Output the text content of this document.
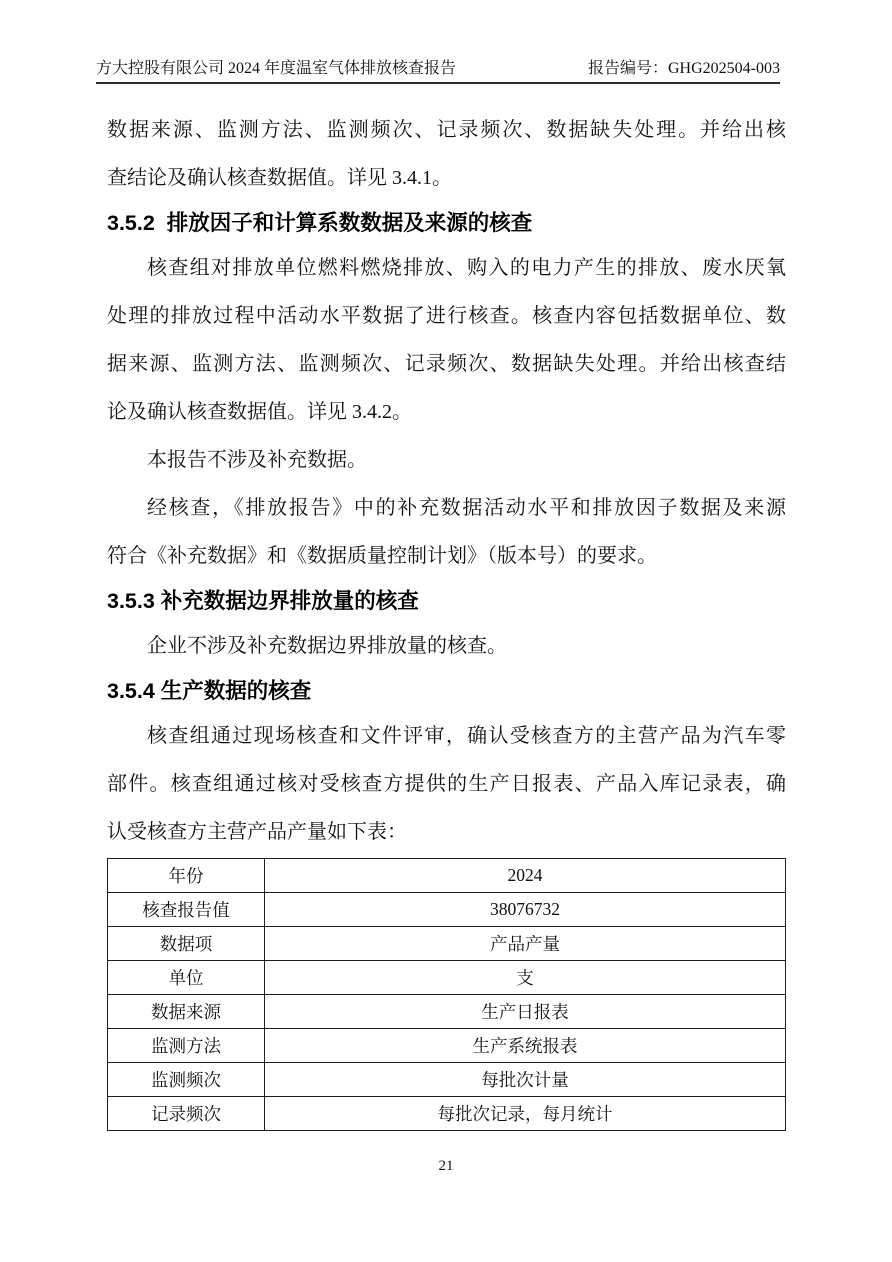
方大控股有限公司 2024 年度温室气体排放核查报告	报告编号：GHG202504-003
数据来源、监测方法、监测频次、记录频次、数据缺失处理。并给出核
查结论及确认核查数据值。详见 3.4.1。
3.5.2  排放因子和计算系数数据及来源的核查
核查组对排放单位燃料燃烧排放、购入的电力产生的排放、废水厌氧
处理的排放过程中活动水平数据了进行核查。核查内容包括数据单位、数
据来源、监测方法、监测频次、记录频次、数据缺失处理。并给出核查结
论及确认核查数据值。详见 3.4.2。
本报告不涉及补充数据。
经核查，《排放报告》中的补充数据活动水平和排放因子数据及来源
符合《补充数据》和《数据质量控制计划》（版本号）的要求。
3.5.3 补充数据边界排放量的核查
企业不涉及补充数据边界排放量的核查。
3.5.4 生产数据的核查
核查组通过现场核查和文件评审，确认受核查方的主营产品为汽车零
部件。核查组通过核对受核查方提供的生产日报表、产品入库记录表，确
认受核查方主营产品产量如下表：
年份	2024
核查报告值	38076732
数据项	产品产量
单位	支
数据来源	生产日报表
监测方法	生产系统报表
监测频次	每批次计量
记录频次	每批次记录，每月统计
21
